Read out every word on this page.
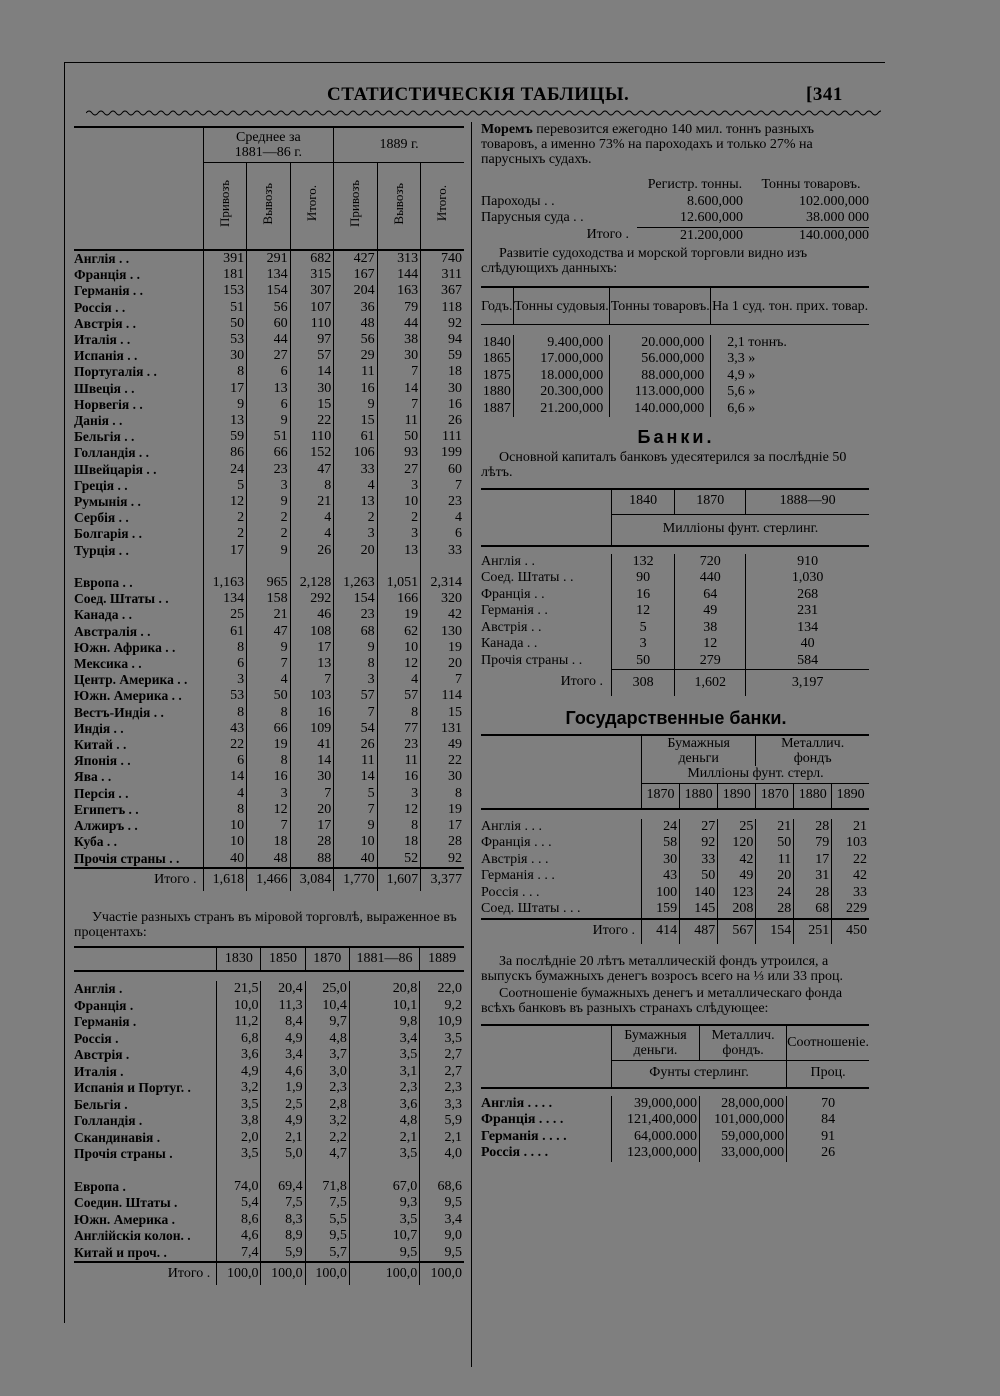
СТАТИСТИЧЕСКІЯ ТАБЛИЦЫ.	[341
	Среднее за 1881—86 г.			1889 г.		
	Привозъ	Вывозъ	Итого.	Привозъ	Вывозъ	Итого.
Англія . .	391	291	682	427	313	740
Франція . .	181	134	315	167	144	311
Германія . .	153	154	307	204	163	367
Россія . .	51	56	107	36	79	118
Австрія . .	50	60	110	48	44	92
Италія . .	53	44	97	56	38	94
Испанія . .	30	27	57	29	30	59
Португалія . .	8	6	14	11	7	18
Швеція . .	17	13	30	16	14	30
Норвегія . .	9	6	15	9	7	16
Данія . .	13	9	22	15	11	26
Бельгія . .	59	51	110	61	50	111
Голландія . .	86	66	152	106	93	199
Швейцарія . .	24	23	47	33	27	60
Греція . .	5	3	8	4	3	7
Румынія . .	12	9	21	13	10	23
Сербія . .	2	2	4	2	2	4
Болгарія . .	2	2	4	3	3	6
Турція . .	17	9	26	20	13	33

Европа . .	1,163	965	2,128	1,263	1,051	2,314
Соед. Штаты . .	134	158	292	154	166	320
Канада . .	25	21	46	23	19	42
Австралія . .	61	47	108	68	62	130
Южн. Африка . .	8	9	17	9	10	19
Мексика . .	6	7	13	8	12	20
Центр. Америка . .	3	4	7	3	4	7
Южн. Америка . .	53	50	103	57	57	114
Вестъ-Индія . .	8	8	16	7	8	15
Индія . .	43	66	109	54	77	131
Китай . .	22	19	41	26	23	49
Японія . .	6	8	14	11	11	22
Ява . .	14	16	30	14	16	30
Персія . .	4	3	7	5	3	8
Египетъ . .	8	12	20	7	12	19
Алжиръ . .	10	7	17	9	8	17
Куба . .	10	18	28	10	18	28
Прочія страны . .	40	48	88	40	52	92
Итого .	1,618	1,466	3,084	1,770	1,607	3,377

Участіе разныхъ странъ въ міровой торговлѣ, выраженное въ процентахъ:

	1830	1850	1870	1881—86	1889

Англія .	21,5	20,4	25,0	20,8	22,0
Франція .	10,0	11,3	10,4	10,1	9,2
Германія .	11,2	8,4	9,7	9,8	10,9
Россія .	6,8	4,9	4,8	3,4	3,5
Австрія .	3,6	3,4	3,7	3,5	2,7
Италія .	4,9	4,6	3,0	3,1	2,7
Испанія и Португ. .	3,2	1,9	2,3	2,3	2,3
Бельгія .	3,5	2,5	2,8	3,6	3,3
Голландія .	3,8	4,9	3,2	4,8	5,9
Скандинавія .	2,0	2,1	2,2	2,1	2,1
Прочія страны .	3,5	5,0	4,7	3,5	4,0

Европа .	74,0	69,4	71,8	67,0	68,6
Соедин. Штаты .	5,4	7,5	7,5	9,3	9,5
Южн. Америка .	8,6	8,3	5,5	3,5	3,4
Англійскія колон. .	4,6	8,9	9,5	10,7	9,0
Китай и проч. .	7,4	5,9	5,7	9,5	9,5
Итого .	100,0	100,0	100,0	100,0	100,0

Моремъ перевозится ежегодно 140 мил. тоннъ разныхъ товаровъ, а именно 73% на пароходахъ и только 27% на парусныхъ судахъ.

	Регистр. тонны.	Тонны товаровъ.
Пароходы . .	8.600,000	102.000,000
Парусныя суда . .	12.600,000	38.000 000
Итого .	21.200,000	140.000,000

Развитіе судоходства и морской торговли видно изъ слѣдующихъ данныхъ:

Годъ.	Тонны судовыя.	Тонны товаровъ.	На 1 суд. тон. прих. товар.

1840	9.400,000	20.000,000	2,1 тоннъ.
1865	17.000,000	56.000,000	3,3 »
1875	18.000,000	88.000,000	4,9 »
1880	20.300,000	113.000,000	5,6 »
1887	21.200,000	140.000,000	6,6 »
Банки.

Основной капиталъ банковъ удесятерился за послѣдніе 50 лѣтъ.

	1840	1870	1888—90
	Милліоны фунт. стерлинг.		

Англія . .	132	720	910
Соед. Штаты . .	90	440	1,030
Франція . .	16	64	268
Германія . .	12	49	231
Австрія . .	5	38	134
Канада . .	3	12	40
Прочія страны . .	50	279	584
Итого .	308	1,602	3,197
Государственные банки.
	Бумажныя деньги			Металлич. фондъ		
	Милліоны фунт. стерл.					
	1870	1880	1890	1870	1880	1890

Англія . . .	24	27	25	21	28	21
Франція . . .	58	92	120	50	79	103
Австрія . . .	30	33	42	11	17	22
Германія . . .	43	50	49	20	31	42
Россія . . .	100	140	123	24	28	33
Соед. Штаты . . .	159	145	208	28	68	229
Итого .	414	487	567	154	251	450

За послѣдніе 20 лѣтъ металлическій фондъ утроился, а выпускъ бумажныхъ денегъ возросъ всего на ⅓ или 33 проц.

Соотношеніе бумажныхъ денегъ и металлическаго фонда всѣхъ банковъ въ разныхъ странахъ слѣдующее:

	Бумажныя деньги.	Металлич. фондъ.	Соотношеніе.
	Фунты стерлинг.		Проц.

Англія . . . .	39,000,000	28,000,000	70
Франція . . . .	121,400,000	101,000,000	84
Германія . . . .	64,000.000	59,000,000	91
Россія . . . .	123,000,000	33,000,000	26
